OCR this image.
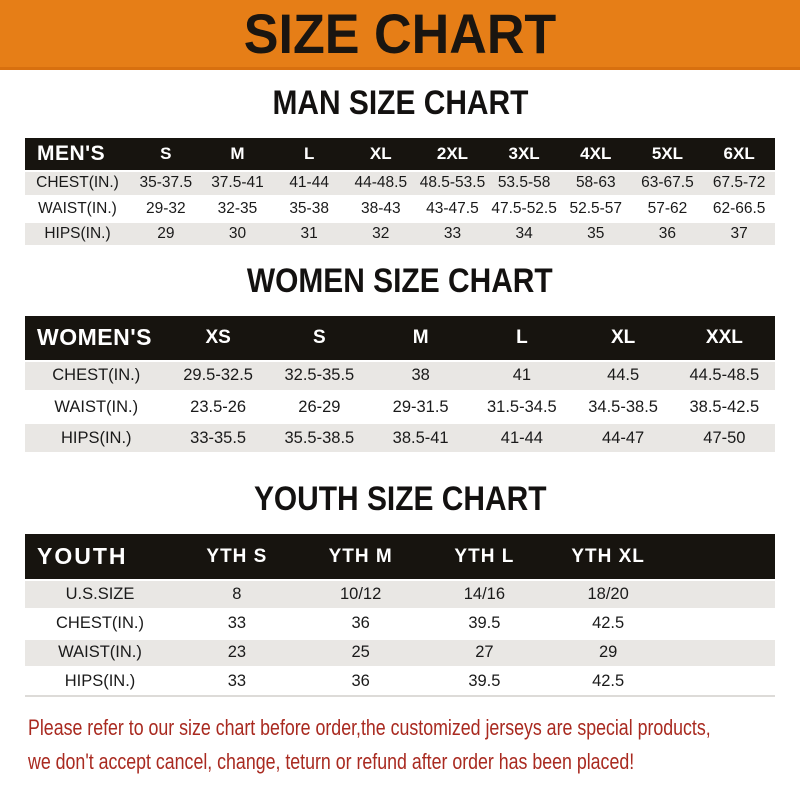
SIZE CHART
MAN SIZE CHART
MEN'S	S	M	L	XL	2XL	3XL	4XL	5XL	6XL
CHEST(IN.)	35-37.5	37.5-41	41-44	44-48.5	48.5-53.5	53.5-58	58-63	63-67.5	67.5-72
WAIST(IN.)	29-32	32-35	35-38	38-43	43-47.5	47.5-52.5	52.5-57	57-62	62-66.5
HIPS(IN.)	29	30	31	32	33	34	35	36	37
WOMEN SIZE CHART
WOMEN'S	XS	S	M	L	XL	XXL
CHEST(IN.)	29.5-32.5	32.5-35.5	38	41	44.5	44.5-48.5
WAIST(IN.)	23.5-26	26-29	29-31.5	31.5-34.5	34.5-38.5	38.5-42.5
HIPS(IN.)	33-35.5	35.5-38.5	38.5-41	41-44	44-47	47-50
YOUTH SIZE CHART
YOUTH	YTH S	YTH M	YTH L	YTH XL	
U.S.SIZE	8	10/12	14/16	18/20	
CHEST(IN.)	33	36	39.5	42.5	
WAIST(IN.)	23	25	27	29	
HIPS(IN.)	33	36	39.5	42.5	

Please refer to our size chart before order,the customized jerseys are special products,

we don't accept cancel, change, teturn or refund after order has been placed!
